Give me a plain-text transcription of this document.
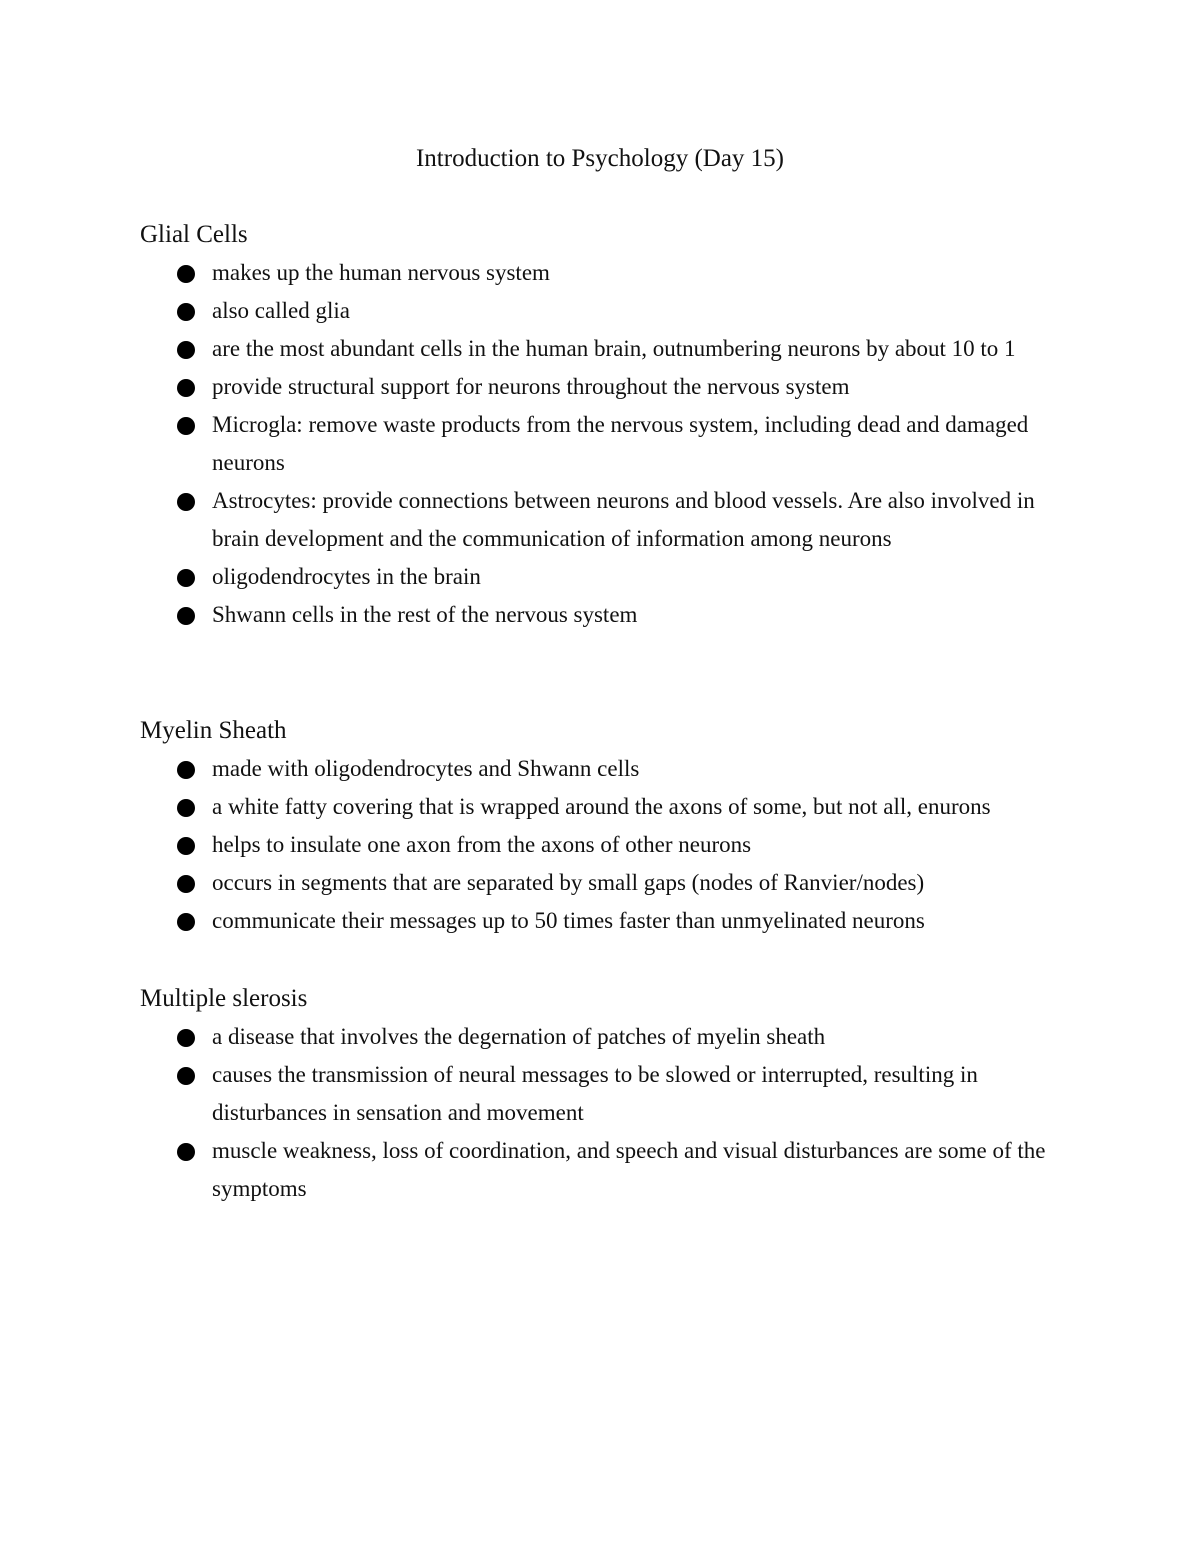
Introduction to Psychology (Day 15)
Glial Cells
makes up the human nervous system
also called glia
are the most abundant cells in the human brain, outnumbering neurons by about 10 to 1
provide structural support for neurons throughout the nervous system
Microgla: remove waste products from the nervous system, including dead and damaged neurons
Astrocytes: provide connections between neurons and blood vessels. Are also involved in brain development and the communication of information among neurons
oligodendrocytes in the brain
Shwann cells in the rest of the nervous system
Myelin Sheath
made with oligodendrocytes and Shwann cells
a white fatty covering that is wrapped around the axons of some, but not all, enurons
helps to insulate one axon from the axons of other neurons
occurs in segments that are separated by small gaps (nodes of Ranvier/nodes)
communicate their messages up to 50 times faster than unmyelinated neurons
Multiple slerosis
a disease that involves the degernation of patches of myelin sheath
causes the transmission of neural messages to be slowed or interrupted, resulting in disturbances in sensation and movement
muscle weakness, loss of coordination, and speech and visual disturbances are some of the symptoms
